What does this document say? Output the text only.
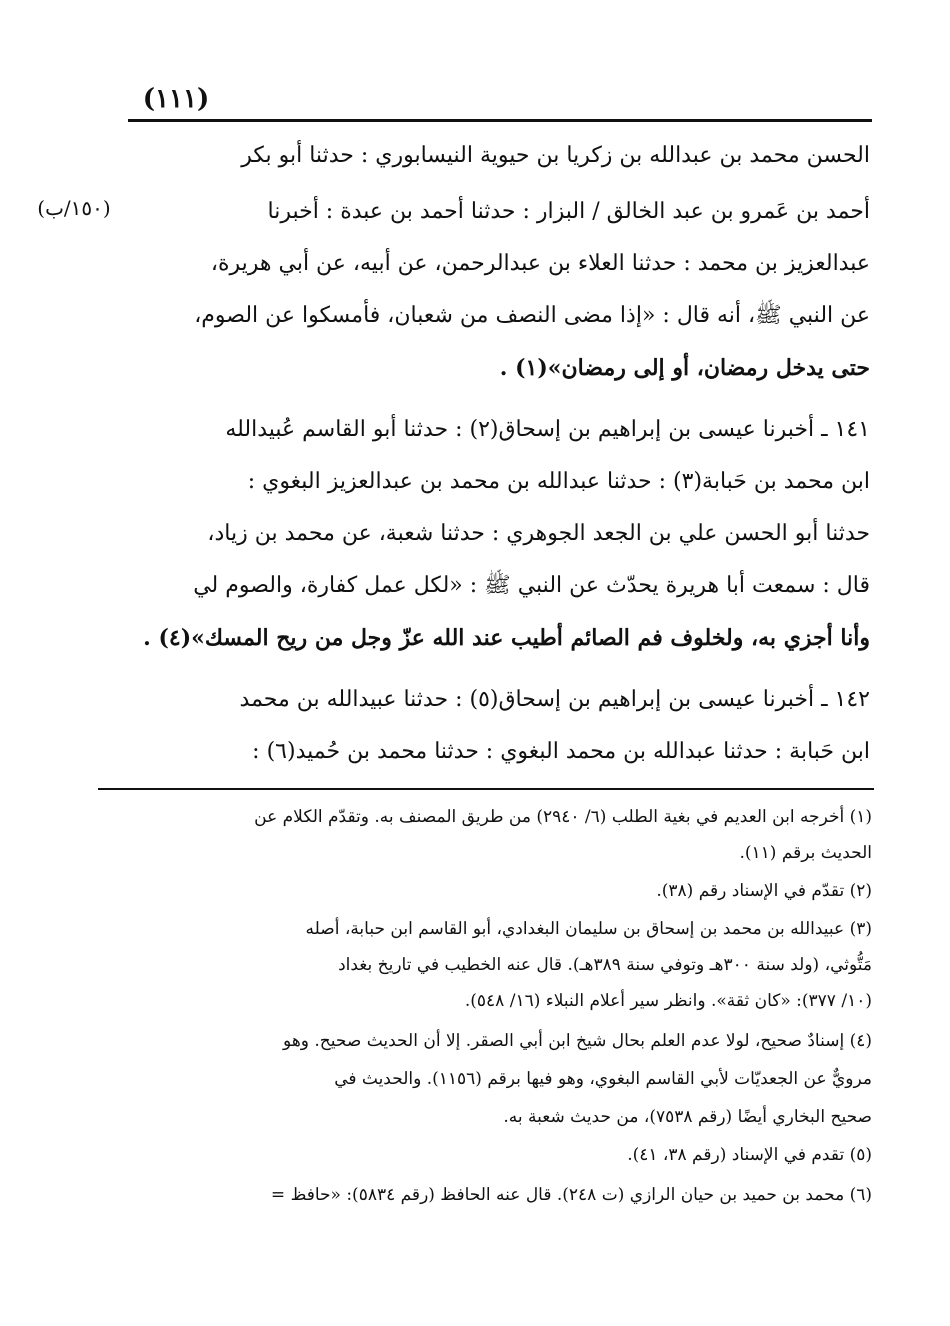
(١١١)
(١٥٠/ب)
الحسن محمد بن عبدالله بن زكريا بن حيوية النيسابوري : حدثنا أبو بكر
أحمد بن عَمرو بن عبد الخالق / البزار : حدثنا أحمد بن عبدة : أخبرنا
عبدالعزيز بن محمد : حدثنا العلاء بن عبدالرحمن، عن أبيه، عن أبي هريرة،
عن النبي ﷺ، أنه قال : «إذا مضى النصف من شعبان، فأمسكوا عن الصوم،
حتى يدخل رمضان، أو إلى رمضان»(١) .
١٤١ ـ أخبرنا عيسى بن إبراهيم بن إسحاق(٢) : حدثنا أبو القاسم عُبيدالله
ابن محمد بن حَبابة(٣) : حدثنا عبدالله بن محمد بن عبدالعزيز البغوي :
حدثنا أبو الحسن علي بن الجعد الجوهري : حدثنا شعبة، عن محمد بن زياد،
قال : سمعت أبا هريرة يحدّث عن النبي ﷺ : «لكل عمل كفارة، والصوم لي
وأنا أجزي به، ولخلوف فم الصائم أطيب عند الله عزّ وجل من ريح المسك»(٤) .
١٤٢ ـ أخبرنا عيسى بن إبراهيم بن إسحاق(٥) : حدثنا عبيدالله بن محمد
ابن حَبابة : حدثنا عبدالله بن محمد البغوي : حدثنا محمد بن حُميد(٦) :
(١) أخرجه ابن العديم في بغية الطلب (٦/ ٢٩٤٠) من طريق المصنف به. وتقدّم الكلام عن
الحديث برقم (١١).
(٢) تقدّم في الإسناد رقم (٣٨).
(٣) عبيدالله بن محمد بن إسحاق بن سليمان البغدادي، أبو القاسم ابن حبابة، أصله
مَتُّوثي، (ولد سنة ٣٠٠هـ وتوفي سنة ٣٨٩هـ). قال عنه الخطيب في تاريخ بغداد
(١٠/ ٣٧٧): «كان ثقة». وانظر سير أعلام النبلاء (١٦/ ٥٤٨).
(٤) إسنادٌ صحيح، لولا عدم العلم بحال شيخ ابن أبي الصقر. إلا أن الحديث صحيح. وهو
مرويٌّ عن الجعديّات لأبي القاسم البغوي، وهو فيها برقم (١١٥٦). والحديث في
صحيح البخاري أيضًا (رقم ٧٥٣٨)، من حديث شعبة به.
(٥) تقدم في الإسناد (رقم ٣٨، ٤١).
(٦) محمد بن حميد بن حيان الرازي (ت ٢٤٨). قال عنه الحافظ (رقم ٥٨٣٤): «حافظ =
